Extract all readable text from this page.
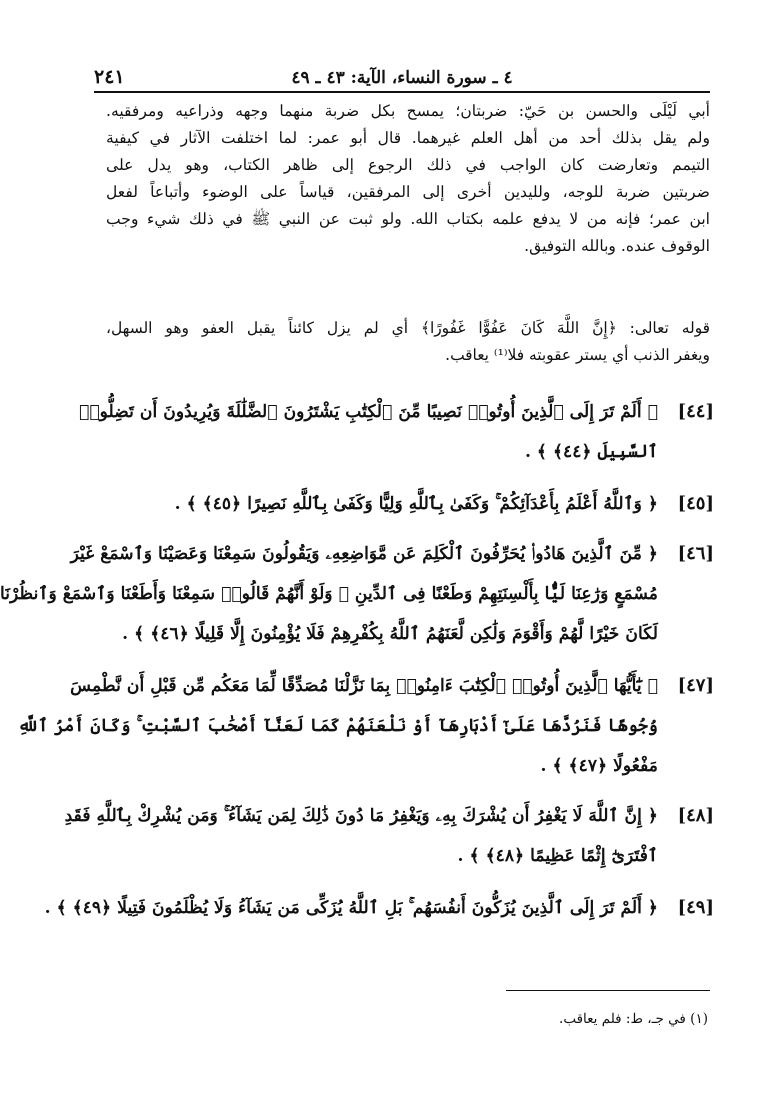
٤ ـ سورة النساء، الآية: ٤٣ ـ ٤٩
٢٤١
أبي لَيْلَى والحسن بن حَيّ: ضربتان؛ يمسح بكل ضربة منهما وجهه وذراعيه ومرفقيه.
ولم يقل بذلك أحد من أهل العلم غيرهما. قال أبو عمر: لما اختلفت الآثار في كيفية
التيمم وتعارضت كان الواجب في ذلك الرجوع إلى ظاهر الكتاب، وهو يدل على
ضربتين ضربة للوجه، ولليدين أخرى إلى المرفقين، قياساً على الوضوء وأتباعاً لفعل
ابن عمر؛ فإنه من لا يدفع علمه بكتاب الله. ولو ثبت عن النبي ﷺ في ذلك شيء وجب
الوقوف عنده. وبالله التوفيق.
قوله تعالى: ﴿إِنَّ اللَّهَ كَانَ عَفُوًّا غَفُورًا﴾ أي لم يزل كائناً يقبل العفو وهو السهل،
ويغفر الذنب أي يستر عقوبته فلا⁽¹⁾ يعاقب.
[٤٤]
﴿ أَلَمْ تَرَ إِلَى ٱلَّذِينَ أُوتُوا۟ نَصِيبًا مِّنَ ٱلْكِتَٰبِ يَشْتَرُونَ ٱلضَّلَٰلَةَ وَيُرِيدُونَ أَن تَضِلُّوا۟
ٱلسَّبِيلَ ﴿٤٤﴾ ﴾ .
[٤٥]
﴿ وَٱللَّهُ أَعْلَمُ بِأَعْدَآئِكُمْ ۚ وَكَفَىٰ بِٱللَّهِ وَلِيًّا وَكَفَىٰ بِٱللَّهِ نَصِيرًا ﴿٤٥﴾ ﴾ .
[٤٦]
﴿ مِّنَ ٱلَّذِينَ هَادُوا۟ يُحَرِّفُونَ ٱلْكَلِمَ عَن مَّوَاضِعِهِۦ وَيَقُولُونَ سَمِعْنَا وَعَصَيْنَا وَٱسْمَعْ غَيْرَ
مُسْمَعٍ وَرَٰعِنَا لَيًّۢا بِأَلْسِنَتِهِمْ وَطَعْنًا فِى ٱلدِّينِ ۚ وَلَوْ أَنَّهُمْ قَالُوا۟ سَمِعْنَا وَأَطَعْنَا وَٱسْمَعْ وَٱنظُرْنَا
لَكَانَ خَيْرًا لَّهُمْ وَأَقْوَمَ وَلَٰكِن لَّعَنَهُمُ ٱللَّهُ بِكُفْرِهِمْ فَلَا يُؤْمِنُونَ إِلَّا قَلِيلًا ﴿٤٦﴾ ﴾ .
[٤٧]
﴿ يَٰٓأَيُّهَا ٱلَّذِينَ أُوتُوا۟ ٱلْكِتَٰبَ ءَامِنُوا۟ بِمَا نَزَّلْنَا مُصَدِّقًا لِّمَا مَعَكُم مِّن قَبْلِ أَن نَّطْمِسَ
وُجُوهًا فَنَرُدَّهَا عَلَىٰٓ أَدْبَارِهَآ أَوْ نَلْعَنَهُمْ كَمَا لَعَنَّآ أَصْحَٰبَ ٱلسَّبْتِ ۚ وَكَانَ أَمْرُ ٱللَّهِ
مَفْعُولًا ﴿٤٧﴾ ﴾ .
[٤٨]
﴿ إِنَّ ٱللَّهَ لَا يَغْفِرُ أَن يُشْرَكَ بِهِۦ وَيَغْفِرُ مَا دُونَ ذَٰلِكَ لِمَن يَشَآءُ ۚ وَمَن يُشْرِكْ بِٱللَّهِ فَقَدِ
ٱفْتَرَىٰٓ إِثْمًا عَظِيمًا ﴿٤٨﴾ ﴾ .
[٤٩]
﴿ أَلَمْ تَرَ إِلَى ٱلَّذِينَ يُزَكُّونَ أَنفُسَهُم ۚ بَلِ ٱللَّهُ يُزَكِّى مَن يَشَآءُ وَلَا يُظْلَمُونَ فَتِيلًا ﴿٤٩﴾ ﴾ .
(١) في جـ، ط: فلم يعاقب.
